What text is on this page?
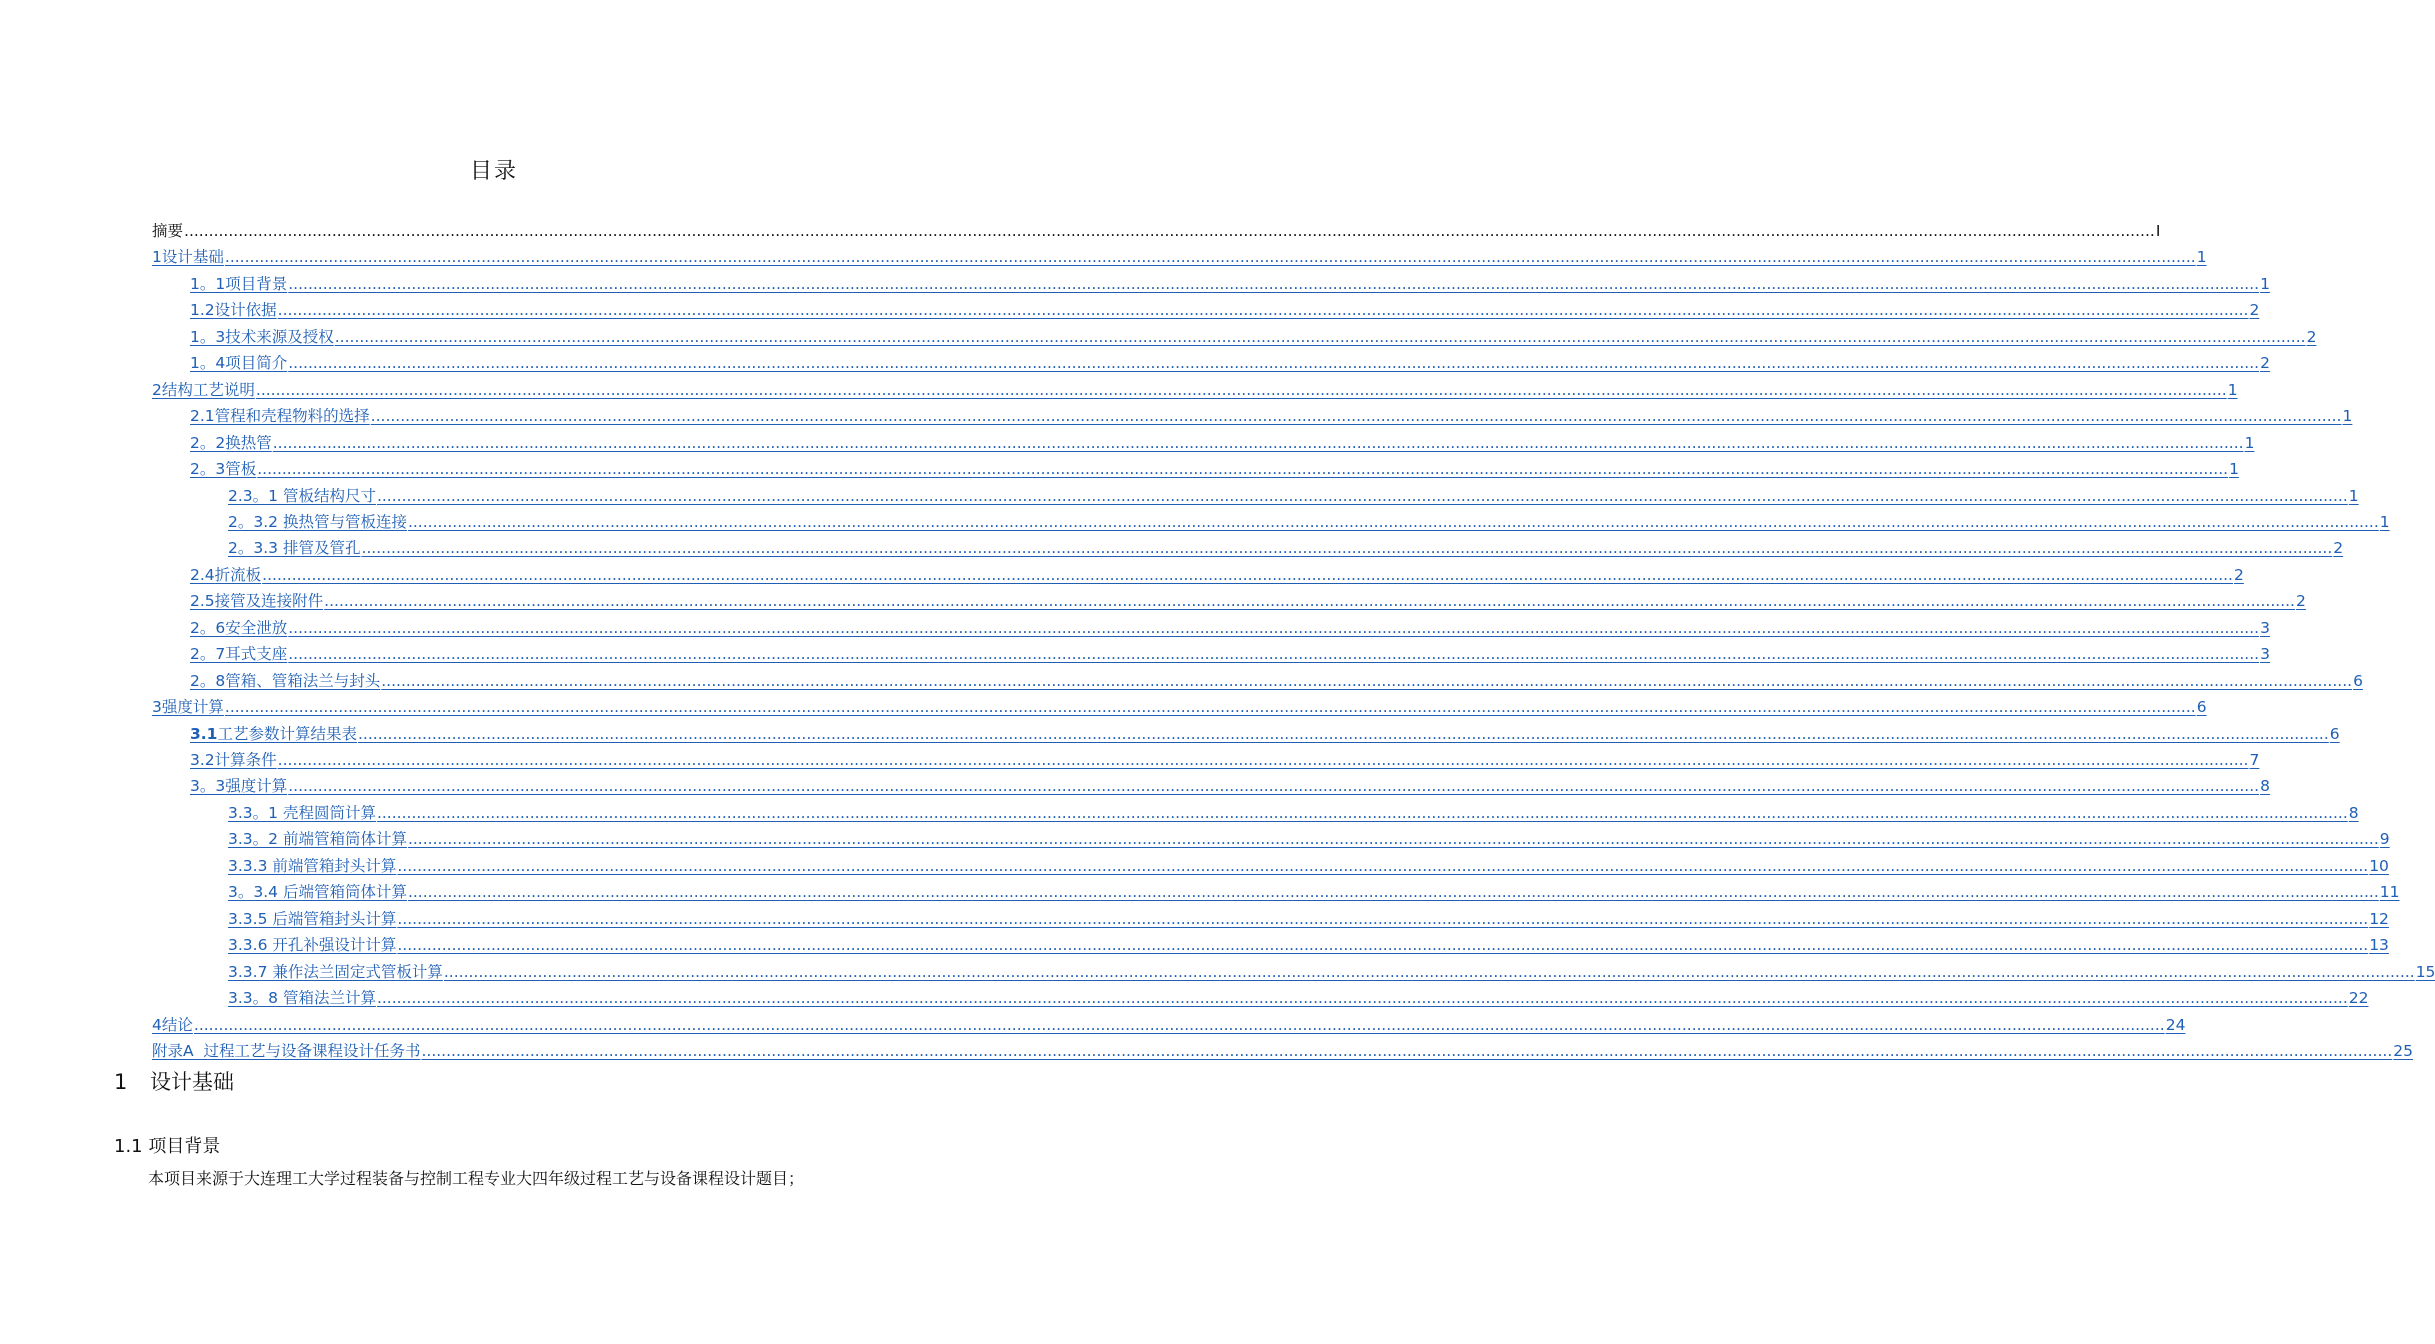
目录
摘要 ................................................................................................................................................................................................................................................................................................................................................................................................................ I
1 设计基础 ................................................................................................................................................................................................................................................................................................................................................................................................................ 1
1。1 项目背景 ................................................................................................................................................................................................................................................................................................................................................................................................................ 1
1.2 设计依据 ................................................................................................................................................................................................................................................................................................................................................................................................................ 2
1。3 技术来源及授权 ................................................................................................................................................................................................................................................................................................................................................................................................................ 2
1。4 项目简介 ................................................................................................................................................................................................................................................................................................................................................................................................................ 2
2 结构工艺说明 ................................................................................................................................................................................................................................................................................................................................................................................................................ 1
2.1 管程和壳程物料的选择 ................................................................................................................................................................................................................................................................................................................................................................................................................ 1
2。2 换热管 ................................................................................................................................................................................................................................................................................................................................................................................................................ 1
2。3 管板 ................................................................................................................................................................................................................................................................................................................................................................................................................ 1
2.3。1 管板结构尺寸 ................................................................................................................................................................................................................................................................................................................................................................................................................ 1
2。3.2 换热管与管板连接 ................................................................................................................................................................................................................................................................................................................................................................................................................ 1
2。3.3 排管及管孔 ................................................................................................................................................................................................................................................................................................................................................................................................................ 2
2.4 折流板 ................................................................................................................................................................................................................................................................................................................................................................................................................ 2
2.5 接管及连接附件 ................................................................................................................................................................................................................................................................................................................................................................................................................ 2
2。6 安全泄放 ................................................................................................................................................................................................................................................................................................................................................................................................................ 3
2。7 耳式支座 ................................................................................................................................................................................................................................................................................................................................................................................................................ 3
2。8 管箱、管箱法兰与封头 ................................................................................................................................................................................................................................................................................................................................................................................................................ 6
3 强度计算 ................................................................................................................................................................................................................................................................................................................................................................................................................ 6
3.1 工艺参数计算结果表 ................................................................................................................................................................................................................................................................................................................................................................................................................ 6
3.2 计算条件 ................................................................................................................................................................................................................................................................................................................................................................................................................ 7
3。3 强度计算 ................................................................................................................................................................................................................................................................................................................................................................................................................ 8
3.3。1 壳程圆筒计算 ................................................................................................................................................................................................................................................................................................................................................................................................................ 8
3.3。2 前端管箱筒体计算 ................................................................................................................................................................................................................................................................................................................................................................................................................ 9
3.3.3 前端管箱封头计算 ................................................................................................................................................................................................................................................................................................................................................................................................................ 10
3。3.4 后端管箱筒体计算 ................................................................................................................................................................................................................................................................................................................................................................................................................ 11
3.3.5 后端管箱封头计算 ................................................................................................................................................................................................................................................................................................................................................................................................................ 12
3.3.6 开孔补强设计计算 ................................................................................................................................................................................................................................................................................................................................................................................................................ 13
3.3.7 兼作法兰固定式管板计算 ................................................................................................................................................................................................................................................................................................................................................................................................................ 15
3.3。8 管箱法兰计算 ................................................................................................................................................................................................................................................................................................................................................................................................................ 22
4 结论 ................................................................................................................................................................................................................................................................................................................................................................................................................ 24
附录A  过程工艺与设备课程设计任务书 ................................................................................................................................................................................................................................................................................................................................................................................................................ 25
1 设计基础
1.1 项目背景
本项目来源于大连理工大学过程装备与控制工程专业大四年级过程工艺与设备课程设计题目；
